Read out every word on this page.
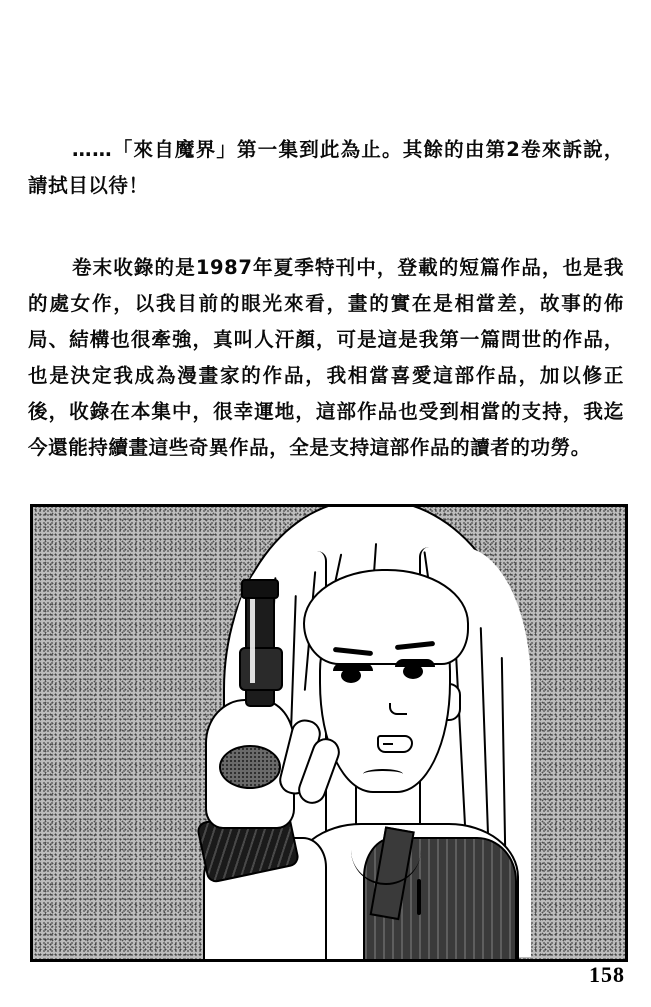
……「來自魔界」第一集到此為止。其餘的由第2卷來訴說，請拭目以待！

卷末收錄的是1987年夏季特刊中，登載的短篇作品，也是我的處女作，以我目前的眼光來看，畫的實在是相當差，故事的佈局、結構也很牽強，真叫人汗顏，可是這是我第一篇問世的作品，也是決定我成為漫畫家的作品，我相當喜愛這部作品，加以修正後，收錄在本集中，很幸運地，這部作品也受到相當的支持，我迄今還能持續畫這些奇異作品，全是支持這部作品的讀者的功勞。

158
